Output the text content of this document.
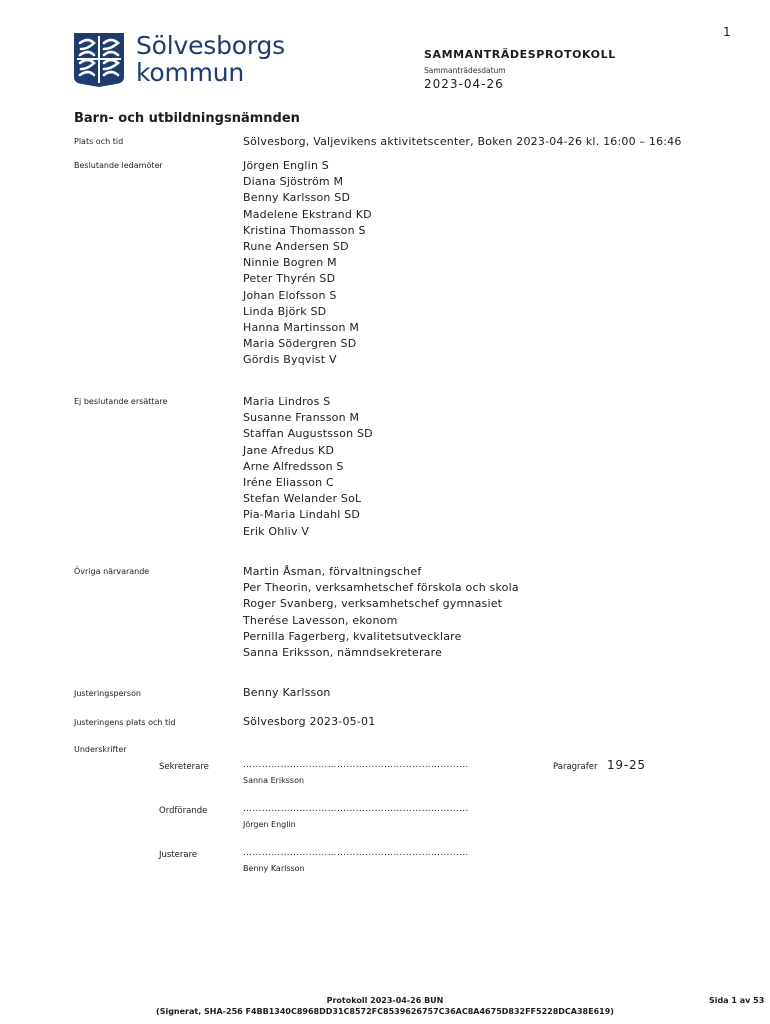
1
Sölvesborgs
kommun
SAMMANTRÄDESPROTOKOLL
Sammanträdesdatum
2023-04-26
Barn- och utbildningsnämnden
Plats och tid	Sölvesborg, Valjevikens aktivitetscenter, Boken 2023-04-26 kl. 16:00 – 16:46
Beslutande ledamöter	Jörgen Englin S
Diana Sjöström M
Benny Karlsson SD
Madelene Ekstrand KD
Kristina Thomasson S
Rune Andersen SD
Ninnie Bogren M
Peter Thyrén SD
Johan Elofsson S
Linda Björk SD
Hanna Martinsson M
Maria Södergren SD
Gördis Byqvist V
Ej beslutande ersättare	Maria Lindros S
Susanne Fransson M
Staffan Augustsson SD
Jane Afredus KD
Arne Alfredsson S
Iréne Eliasson C
Stefan Welander SoL
Pia-Maria Lindahl SD
Erik Ohliv V
Övriga närvarande	Martin Åsman, förvaltningschef
Per Theorin, verksamhetschef förskola och skola
Roger Svanberg, verksamhetschef gymnasiet
Therése Lavesson, ekonom
Pernilla Fagerberg, kvalitetsutvecklare
Sanna Eriksson, nämndsekreterare
Justeringsperson	Benny Karlsson
Justeringens plats och tid	Sölvesborg 2023-05-01
Underskrifter
Sekreterare	………………………………………………………………	Paragrafer 19-25
Sanna Eriksson
Ordförande	………………………………………………………………
Jörgen Englin
Justerare	………………………………………………………………
Benny Karlsson
Protokoll 2023-04-26 BUN
(Signerat, SHA-256 F4BB1340C8968DD31C8572FC8539626757C36AC8A4675D832FF5228DCA38E619)
Sida 1 av 53
